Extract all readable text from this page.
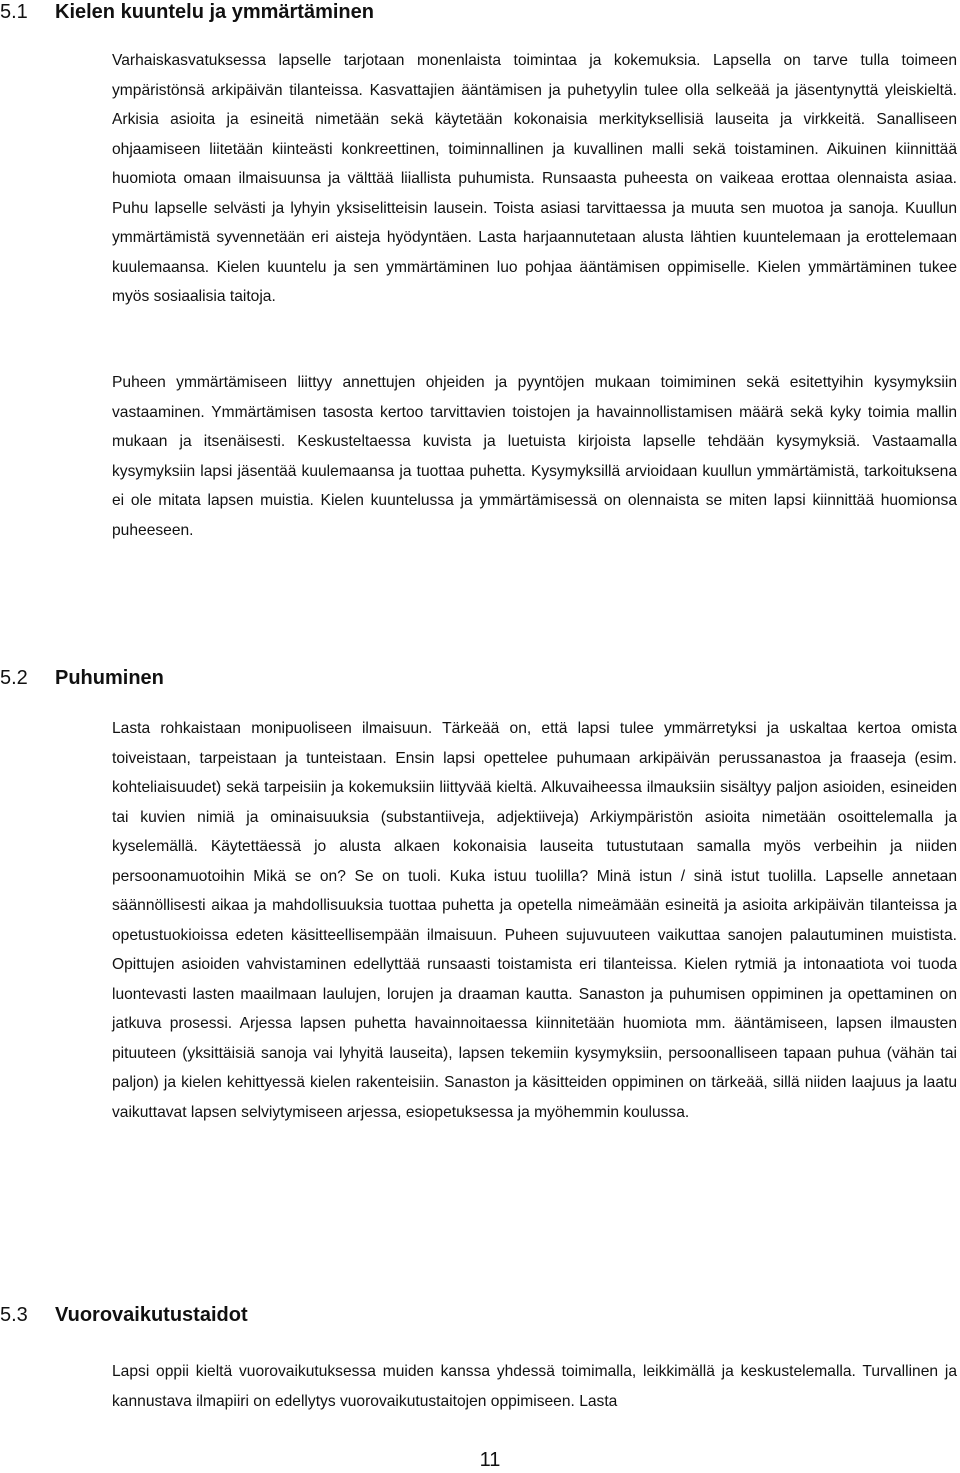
5.1 Kielen kuuntelu ja ymmärtäminen

Varhaiskasvatuksessa lapselle tarjotaan monenlaista toimintaa ja kokemuksia. Lapsella on tarve tulla toimeen ympäristönsä arkipäivän tilanteissa. Kasvattajien ääntämisen ja puhetyylin tulee olla selkeää ja jäsentynyttä yleiskieltä. Arkisia asioita ja esineitä nimetään sekä käytetään kokonaisia merkityksellisiä lauseita ja virkkeitä. Sanalliseen ohjaamiseen liitetään kiinteästi konkreettinen, toiminnallinen ja kuvallinen malli sekä toistaminen. Aikuinen kiinnittää huomiota omaan ilmaisuunsa ja välttää liiallista puhumista. Runsaasta puheesta on vaikeaa erottaa olennaista asiaa. Puhu lapselle selvästi ja lyhyin yksiselitteisin lausein. Toista asiasi tarvittaessa ja muuta sen muotoa ja sanoja. Kuullun ymmärtämistä syvennetään eri aisteja hyödyntäen. Lasta harjaannutetaan alusta lähtien kuuntelemaan ja erottelemaan kuulemaansa. Kielen kuuntelu ja sen ymmärtäminen luo pohjaa ääntämisen oppimiselle. Kielen ymmärtäminen tukee myös sosiaalisia taitoja.

Puheen ymmärtämiseen liittyy annettujen ohjeiden ja pyyntöjen mukaan toimiminen sekä esitettyihin kysymyksiin vastaaminen. Ymmärtämisen tasosta kertoo tarvittavien toistojen ja havainnollistamisen määrä sekä kyky toimia mallin mukaan ja itsenäisesti. Keskusteltaessa kuvista ja luetuista kirjoista lapselle tehdään kysymyksiä. Vastaamalla kysymyksiin lapsi jäsentää kuulemaansa ja tuottaa puhetta. Kysymyksillä arvioidaan kuullun ymmärtämistä, tarkoituksena ei ole mitata lapsen muistia. Kielen kuuntelussa ja ymmärtämisessä on olennaista se miten lapsi kiinnittää huomionsa puheeseen.

5.2 Puhuminen

Lasta rohkaistaan monipuoliseen ilmaisuun. Tärkeää on, että lapsi tulee ymmärretyksi ja uskaltaa kertoa omista toiveistaan, tarpeistaan ja tunteistaan. Ensin lapsi opettelee puhumaan arkipäivän perussanastoa ja fraaseja (esim. kohteliaisuudet) sekä tarpeisiin ja kokemuksiin liittyvää kieltä. Alkuvaiheessa ilmauksiin sisältyy paljon asioiden, esineiden tai kuvien nimiä ja ominaisuuksia (substantiiveja, adjektiiveja) Arkiympäristön asioita nimetään osoittelemalla ja kyselemällä. Käytettäessä jo alusta alkaen kokonaisia lauseita tutustutaan samalla myös verbeihin ja niiden persoonamuotoihin Mikä se on? Se on tuoli. Kuka istuu tuolilla? Minä istun / sinä istut tuolilla. Lapselle annetaan säännöllisesti aikaa ja mahdollisuuksia tuottaa puhetta ja opetella nimeämään esineitä ja asioita arkipäivän tilanteissa ja opetustuokioissa edeten käsitteellisempään ilmaisuun. Puheen sujuvuuteen vaikuttaa sanojen palautuminen muistista. Opittujen asioiden vahvistaminen edellyttää runsaasti toistamista eri tilanteissa. Kielen rytmiä ja intonaatiota voi tuoda luontevasti lasten maailmaan laulujen, lorujen ja draaman kautta. Sanaston ja puhumisen oppiminen ja opettaminen on jatkuva prosessi. Arjessa lapsen puhetta havainnoitaessa kiinnitetään huomiota mm. ääntämiseen, lapsen ilmausten pituuteen (yksittäisiä sanoja vai lyhyitä lauseita), lapsen tekemiin kysymyksiin, persoonalliseen tapaan puhua (vähän tai paljon) ja kielen kehittyessä kielen rakenteisiin. Sanaston ja käsitteiden oppiminen on tärkeää, sillä niiden laajuus ja laatu vaikuttavat lapsen selviytymiseen arjessa, esiopetuksessa ja myöhemmin koulussa.

5.3 Vuorovaikutustaidot

Lapsi oppii kieltä vuorovaikutuksessa muiden kanssa yhdessä toimimalla, leikkimällä ja keskustelemalla. Turvallinen ja kannustava ilmapiiri on edellytys vuorovaikutustaitojen oppimiseen. Lasta

11
